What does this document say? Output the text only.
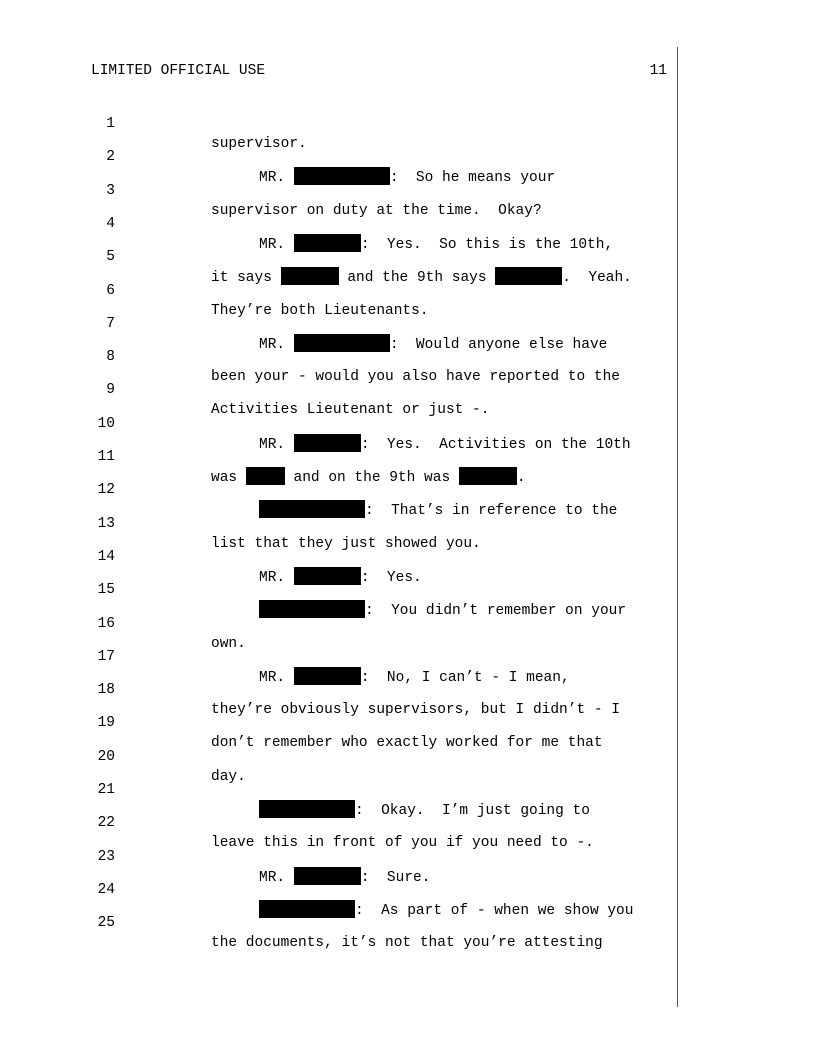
LIMITED OFFICIAL USE

	11

1

supervisor.

2

MR.	:  So he means your

3

supervisor on duty at the time.  Okay?

4

MR.	:  Yes.  So this is the 10th,

5

it says	and the 9th says	.  Yeah.

6

They’re both Lieutenants.

7

MR.	:  Would anyone else have

8

been your - would you also have reported to the

9

Activities Lieutenant or just -.

10

MR.	:  Yes.  Activities on the 10th

11

was	and on the 9th was	.

12

:  That’s in reference to the

13

list that they just showed you.

14

MR.	:  Yes.

15

:  You didn’t remember on your

16

own.

17

MR.	:  No, I can’t - I mean,

18

they’re obviously supervisors, but I didn’t - I

19

don’t remember who exactly worked for me that

20

day.

21

:  Okay.  I’m just going to

22

leave this in front of you if you need to -.

23

MR.	:  Sure.

24

:  As part of - when we show you

25

the documents, it’s not that you’re attesting
